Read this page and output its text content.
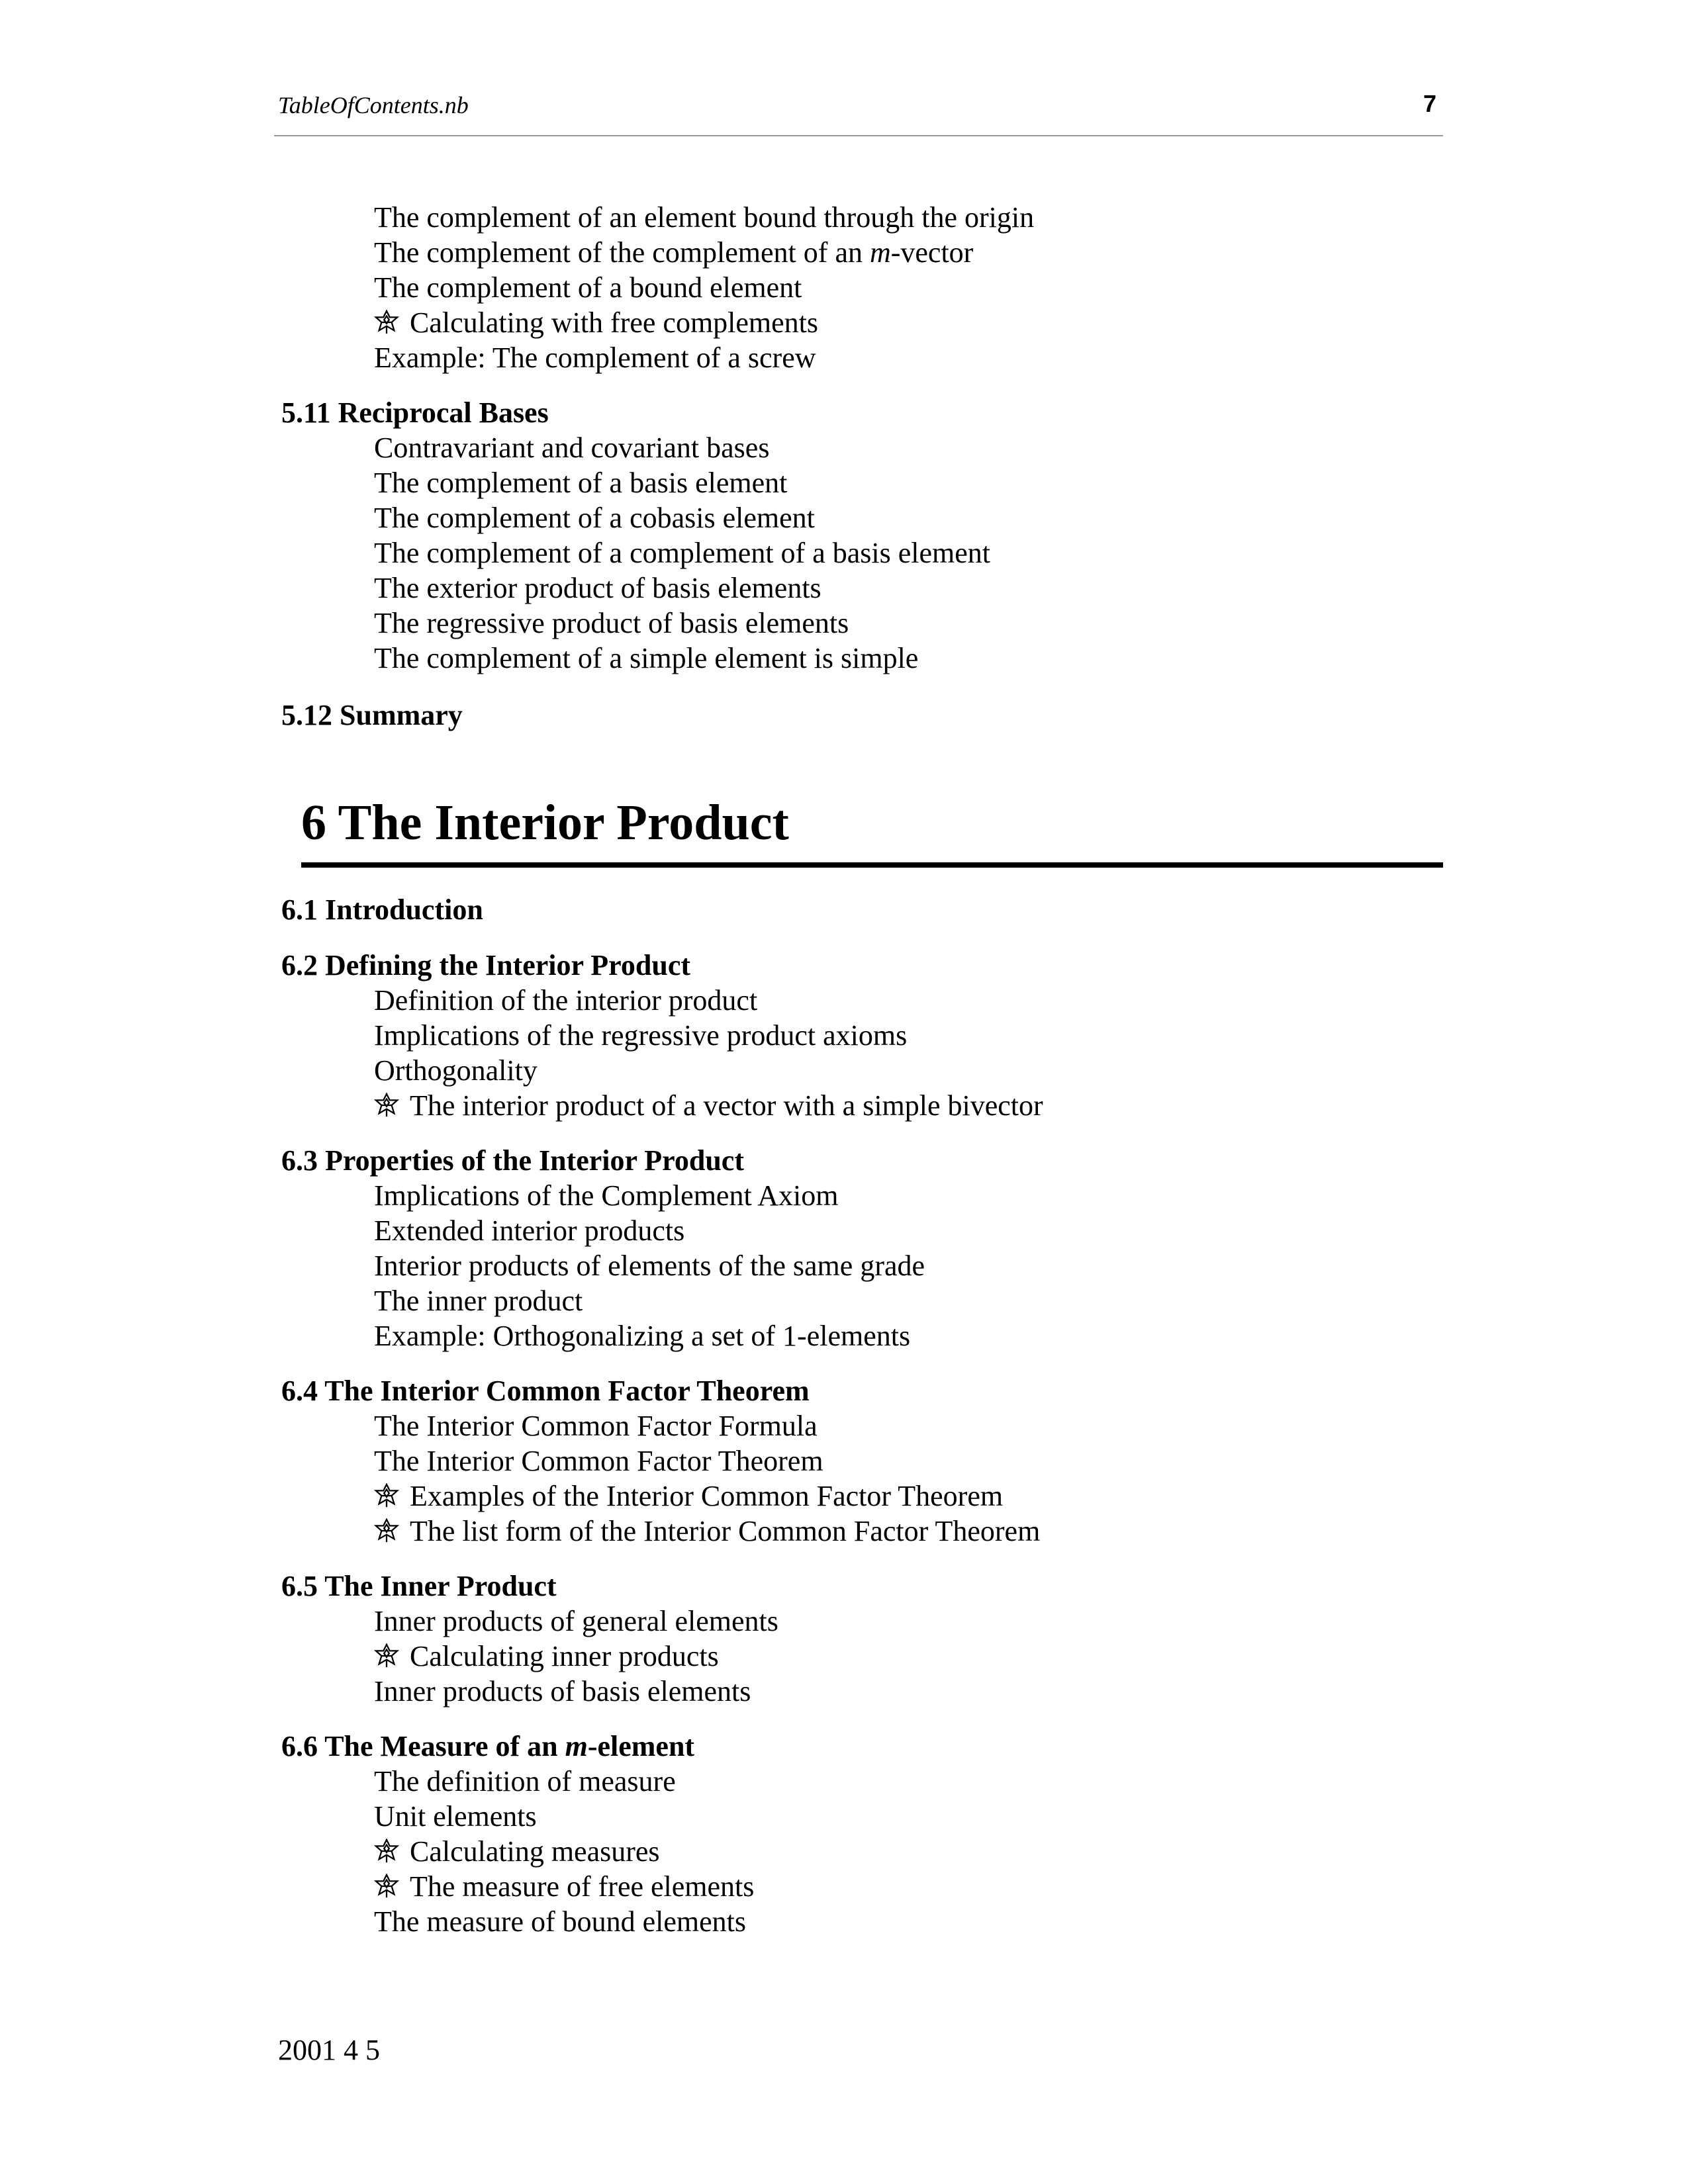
TableOfContents.nb	7
The complement of an element bound through the origin
The complement of the complement of an m-vector
The complement of a bound element
Calculating with free complements
Example: The complement of a screw
5.11 Reciprocal Bases
Contravariant and covariant bases
The complement of a basis element
The complement of a cobasis element
The complement of a complement of a basis element
The exterior product of basis elements
The regressive product of basis elements
The complement of a simple element is simple
5.12 Summary
6 The Interior Product
6.1 Introduction
6.2 Defining the Interior Product
Definition of the interior product
Implications of the regressive product axioms
Orthogonality
The interior product of a vector with a simple bivector
6.3 Properties of the Interior Product
Implications of the Complement Axiom
Extended interior products
Interior products of elements of the same grade
The inner product
Example: Orthogonalizing a set of 1-elements
6.4 The Interior Common Factor Theorem
The Interior Common Factor Formula
The Interior Common Factor Theorem
Examples of the Interior Common Factor Theorem
The list form of the Interior Common Factor Theorem
6.5 The Inner Product
Inner products of general elements
Calculating inner products
Inner products of basis elements
6.6 The Measure of an m-element
The definition of measure
Unit elements
Calculating measures
The measure of free elements
The measure of bound elements
2001 4 5
